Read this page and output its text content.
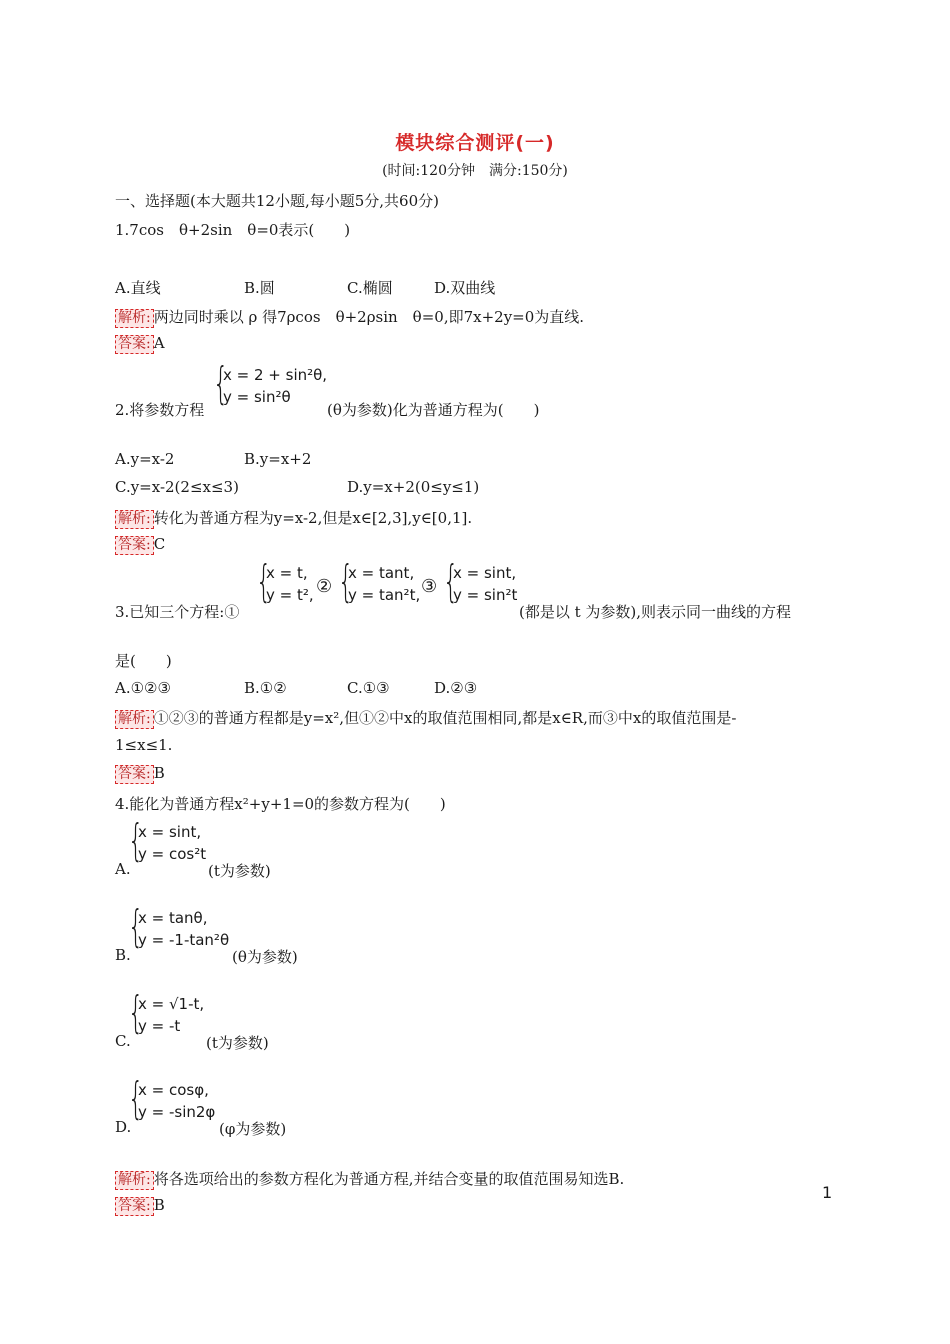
模块综合测评(一)
(时间:120分钟　满分:150分)
一、选择题(本大题共12小题,每小题5分,共60分)
1.7cos　θ+2sin　θ=0表示(　　)
A.直线	B.圆	C.椭圆	D.双曲线
解析: 两边同时乘以 ρ 得7ρcos　θ+2ρsin　θ=0,即7x+2y=0为直线.
答案: A
2.将参数方程
{
x = 2 + sin²θ,
y = sin²θ
(θ为参数)化为普通方程为(　　)
A.y=x-2	B.y=x+2
C.y=x-2(2≤x≤3)	D.y=x+2(0≤y≤1)
解析: 转化为普通方程为y=x-2,但是x∈[2,3],y∈[0,1].
答案: C
3.已知三个方程:①
{
x = t,
y = t², ② {
x = tant,
y = tan²t, ③ {
x = sint,
y = sin²t
(都是以 t 为参数),则表示同一曲线的方程
是(　　)
A.①②③	B.①②	C.①③	D.②③
解析: ①②③的普通方程都是y=x²,但①②中x的取值范围相同,都是x∈R,而③中x的取值范围是-
1≤x≤1.
答案: B
4.能化为普通方程x²+y+1=0的参数方程为(　　)
{
x = sint,
y = cos²t
A.	(t为参数)
{
x = tanθ,
y = -1-tan²θ
B.	(θ为参数)
{
x = √1-t,
y = -t
C.	(t为参数)
{
x = cosφ,
y = -sin2φ
D.	(φ为参数)
解析: 将各选项给出的参数方程化为普通方程,并结合变量的取值范围易知选B.
答案: B
1
